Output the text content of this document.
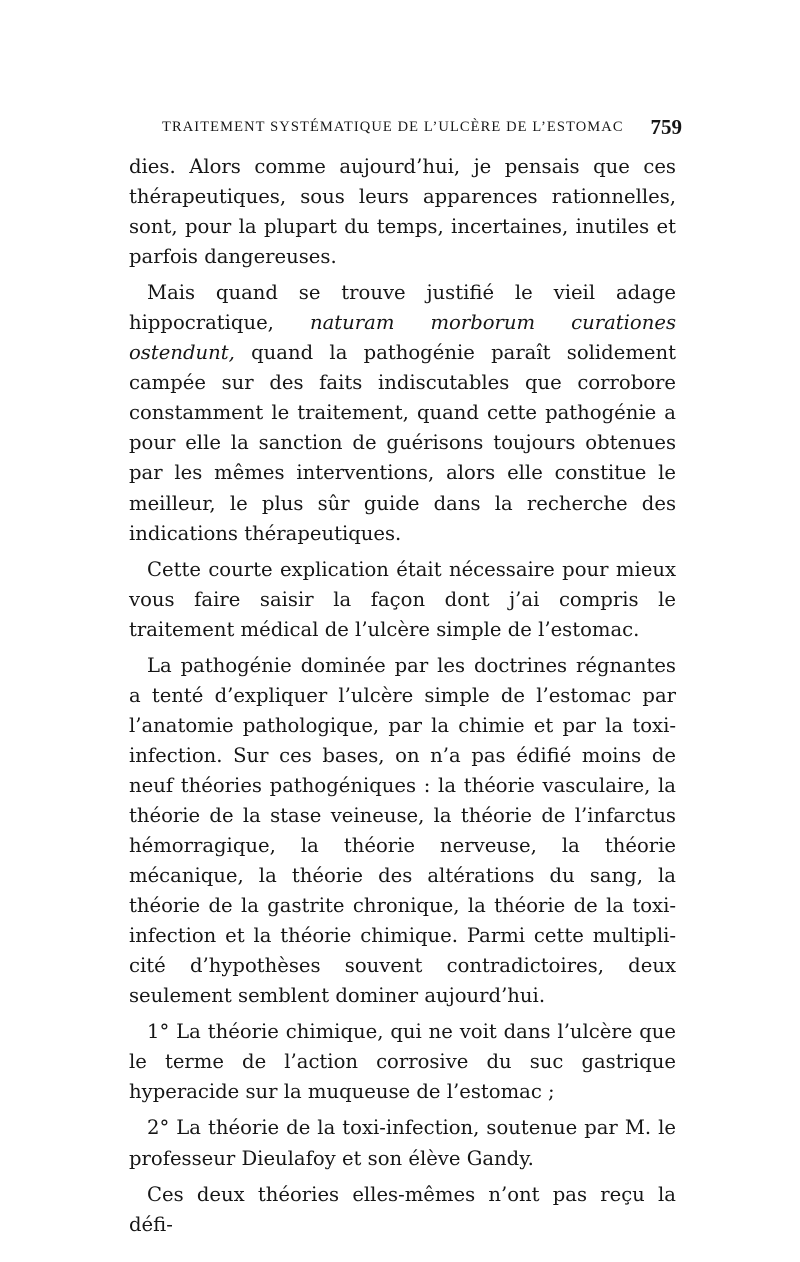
TRAITEMENT SYSTÉMATIQUE DE L’ULCÈRE DE L’ESTOMAC 759

dies. Alors comme aujourd’hui, je pensais que ces thérapeutiques, sous leurs apparences rationnelles, sont, pour la plupart du temps, incertaines, inutiles et parfois dangereuses.

Mais quand se trouve justifié le vieil adage hippocratique, naturam morborum curationes ostendunt, quand la pathogénie paraît solidement campée sur des faits indiscutables que corrobore constamment le traitement, quand cette pathogénie a pour elle la sanction de guérisons toujours obtenues par les mêmes interventions, alors elle constitue le meilleur, le plus sûr guide dans la recherche des indications thérapeutiques.

Cette courte explication était nécessaire pour mieux vous faire saisir la façon dont j’ai compris le traitement médical de l’ulcère simple de l’estomac.

La pathogénie dominée par les doctrines régnantes a tenté d’expliquer l’ulcère simple de l’estomac par l’anatomie pathologique, par la chimie et par la toxi-infection. Sur ces bases, on n’a pas édifié moins de neuf théories pathogéniques : la théorie vasculaire, la théorie de la stase veineuse, la théorie de l’infarctus hémorragique, la théorie nerveuse, la théorie mécanique, la théorie des altérations du sang, la théorie de la gastrite chronique, la théorie de la toxi-infection et la théorie chimique. Parmi cette multiplicité d’hypothèses souvent contradictoires, deux seulement semblent dominer aujourd’hui.

1° La théorie chimique, qui ne voit dans l’ulcère que le terme de l’action corrosive du suc gastrique hyperacide sur la muqueuse de l’estomac ;

2° La théorie de la toxi-infection, soutenue par M. le professeur Dieulafoy et son élève Gandy.

Ces deux théories elles-mêmes n’ont pas reçu la défi-
